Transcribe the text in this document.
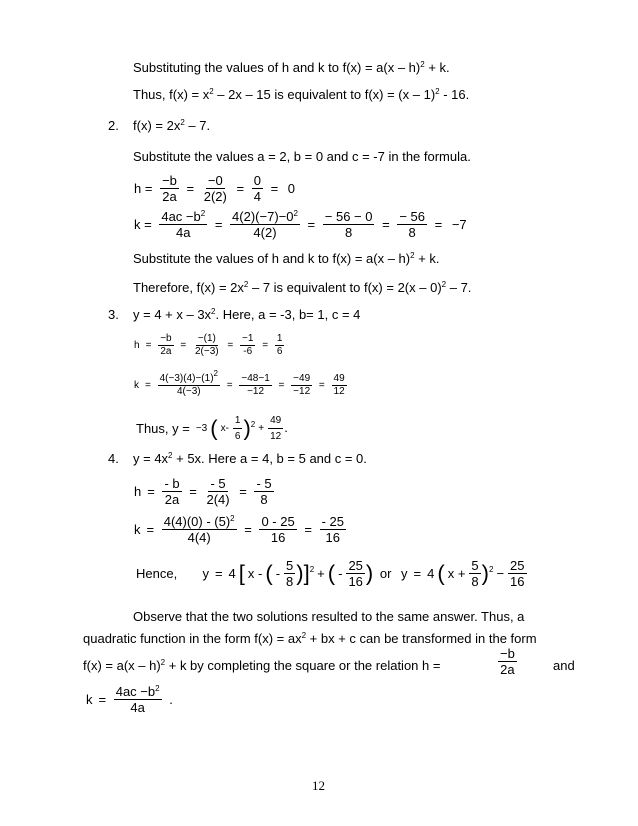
Substituting the values of h and k to f(x) = a(x – h)$^2$ + k.
Thus, $f(x) = x^2 - 2x - 15$ is equivalent to f(x) = (x – 1)$^2$ - 16.
2. $f(x) = 2x^2 - 7$.
Substitute the values a = 2, b = 0 and c = -7 in the formula.
$h = \frac{-b}{2a} = \frac{-0}{2(2)} = \frac{0}{4} = 0$
$k = \frac{4ac -b^2}{4a} = \frac{4(2)(-7)-0^2}{4(2)} = \frac{- 56 - 0}{8} = \frac{- 56}{8} = -7$
Substitute the values of h and k to f(x) = a(x – h)$^2$ + k.
Therefore, $f(x) = 2x^2 - 7$ is equivalent to f(x) = 2(x – 0)$^2$ – 7.
3. $y = 4 + x - 3x^2$. Here, a = -3, b= 1, c = 4
$h = \frac{-b}{2a} = \frac{-(1)}{2(-3)} = \frac{-1}{-6} = \frac{1}{6}$
$k = \frac{4(-3)(4)-(1)^2}{4(-3)} = \frac{-48-1}{-12} = \frac{-49}{-12} = \frac{49}{12}$
Thus, y = −3 ( $x- \frac{1}{6} )^2 + \frac{49}{12}$ .
4. $y = 4x^2 + 5x$. Here a = 4, b = 5 and c = 0.
$h = \frac{- b}{2a} = \frac{- 5}{2(4)} = \frac{- 5}{8}$
$k = \frac{4(4)(0) - (5)^2}{4(4)} = \frac{0 - 25}{16} = \frac{- 25}{16}$
Hence, y = 4 [ x - ( - $\frac{5}{8} )]^2$ + ( - $\frac{25}{16}$ ) or y = 4 ( $x + \frac{5}{8} )^2 - \frac{25}{16}$
Observe that the two solutions resulted to the same answer. Thus, a
quadratic function in the form $f(x) = ax^2$ + bx + c can be transformed in the form
f(x) = a(x – h)$^2$ + k by completing the square or the relation h =	$\frac{-b}{2a}$	and
$k = \frac{4ac -b^2}{4a}$ .
12
